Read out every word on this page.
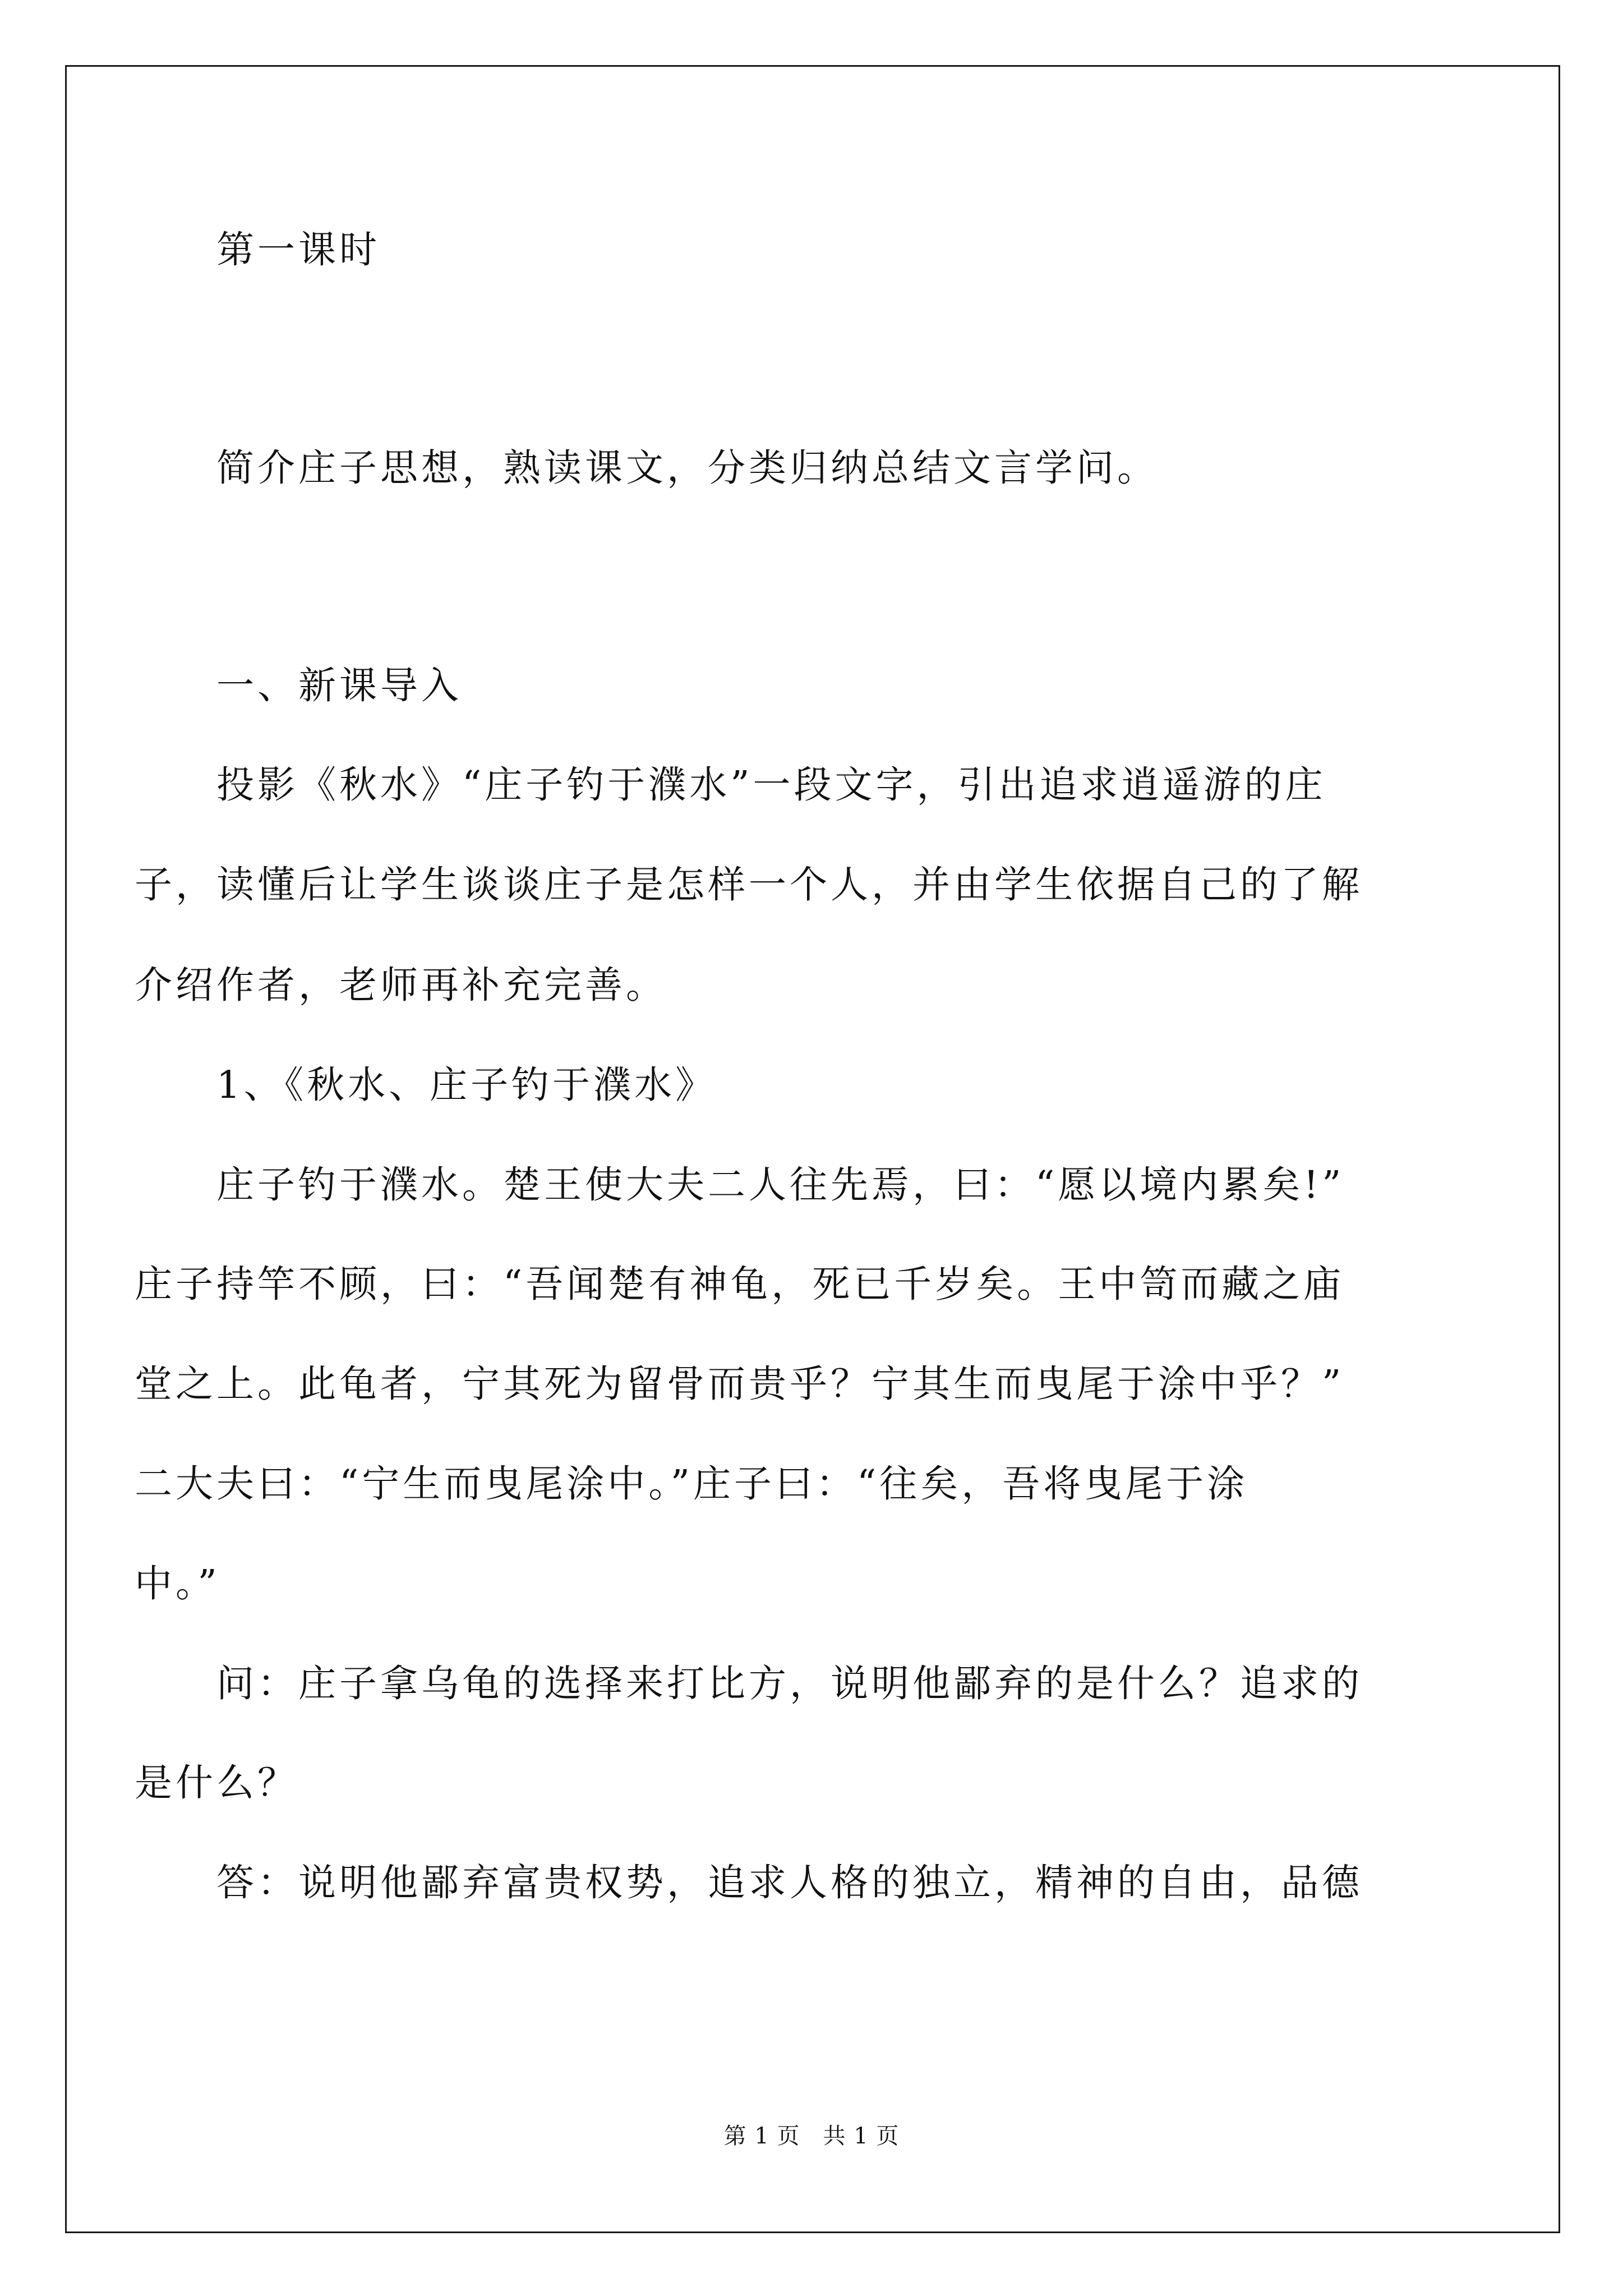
第一课时
简介庄子思想，熟读课文，分类归纳总结文言学问。
一、新课导入
投影《秋水》“庄子钓于濮水”一段文字，引出追求逍遥游的庄
子，读懂后让学生谈谈庄子是怎样一个人，并由学生依据自己的了解
介绍作者，老师再补充完善。
1、《秋水、庄子钓于濮水》
庄子钓于濮水。楚王使大夫二人往先焉，曰：“愿以境内累矣!”
庄子持竿不顾，曰：“吾闻楚有神龟，死已千岁矣。王中笥而藏之庙
堂之上。此龟者，宁其死为留骨而贵乎？宁其生而曳尾于涂中乎？”
二大夫曰：“宁生而曳尾涂中。”庄子曰：“往矣，吾将曳尾于涂
中。”
问：庄子拿乌龟的选择来打比方，说明他鄙弃的是什么？追求的
是什么？
答：说明他鄙弃富贵权势，追求人格的独立，精神的自由，品德
第 1 页　共 1 页
